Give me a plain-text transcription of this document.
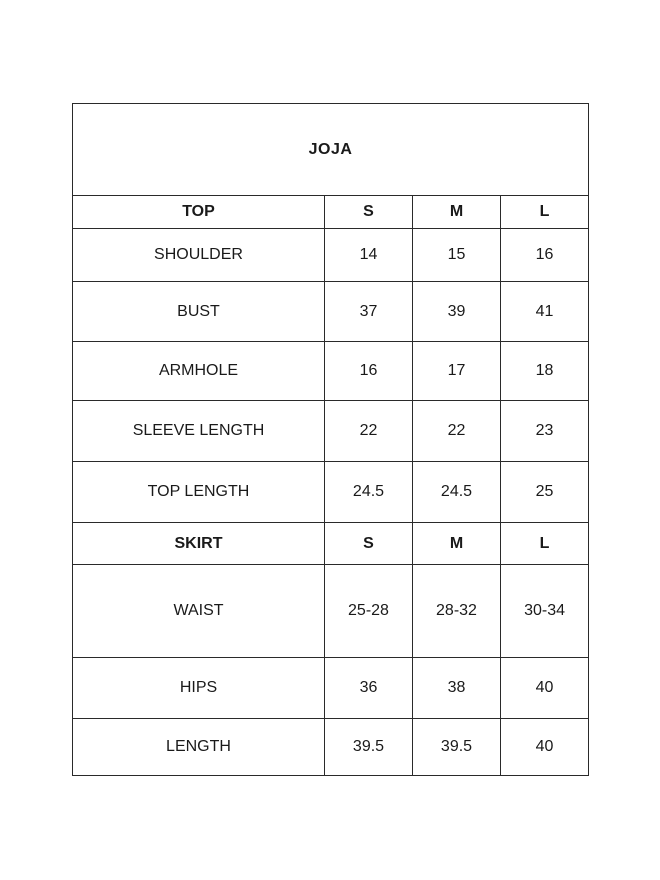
JOJA			
TOP	S	M	L
SHOULDER	14	15	16
BUST	37	39	41
ARMHOLE	16	17	18
SLEEVE LENGTH	22	22	23
TOP LENGTH	24.5	24.5	25
SKIRT	S	M	L
WAIST	25-28	28-32	30-34
HIPS	36	38	40
LENGTH	39.5	39.5	40
